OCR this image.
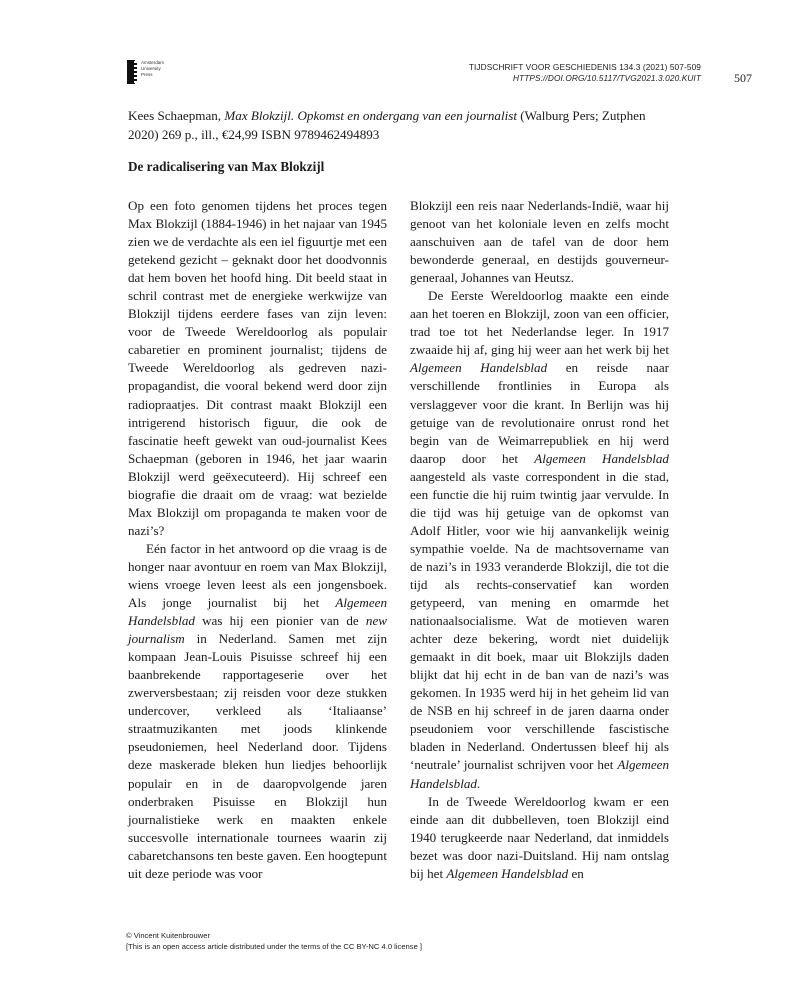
Amsterdam
University
Press
TIJDSCHRIFT VOOR GESCHIEDENIS 134.3 (2021) 507-509
HTTPS://DOI.ORG/10.5117/TVG2021.3.020.KUIT	507
Kees Schaepman, Max Blokzijl. Opkomst en ondergang van een journalist (Walburg Pers; Zutphen 2020) 269 p., ill., €24,99 ISBN 9789462494893
De radicalisering van Max Blokzijl

Op een foto genomen tijdens het proces tegen Max Blokzijl (1884-1946) in het najaar van 1945 zien we de verdachte als een iel figuurtje met een getekend gezicht – geknakt door het doodvonnis dat hem boven het hoofd hing. Dit beeld staat in schril contrast met de energieke werkwijze van Blokzijl tijdens eerdere fases van zijn leven: voor de Tweede Wereldoorlog als populair cabaretier en prominent journalist; tijdens de Tweede Wereldoorlog als gedreven nazi-propagandist, die vooral bekend werd door zijn radiopraatjes. Dit contrast maakt Blokzijl een intrigerend historisch figuur, die ook de fascinatie heeft gewekt van oud-journalist Kees Schaepman (geboren in 1946, het jaar waarin Blokzijl werd geëxecuteerd). Hij schreef een biografie die draait om de vraag: wat bezielde Max Blokzijl om propaganda te maken voor de nazi’s?

Eén factor in het antwoord op die vraag is de honger naar avontuur en roem van Max Blokzijl, wiens vroege leven leest als een jongensboek. Als jonge journalist bij het Algemeen Handelsblad was hij een pionier van de new journalism in Nederland. Samen met zijn kompaan Jean-Louis Pisuisse schreef hij een baanbrekende rapportageserie over het zwerversbestaan; zij reisden voor deze stukken undercover, verkleed als ‘Italiaanse’ straatmuzikanten met joods klinkende pseudoniemen, heel Nederland door. Tijdens deze maskerade bleken hun liedjes behoorlijk populair en in de daaropvolgende jaren onderbraken Pisuisse en Blokzijl hun journalistieke werk en maakten enkele succesvolle internationale tournees waarin zij cabaretchansons ten beste gaven. Een hoogtepunt uit deze periode was voor

Blokzijl een reis naar Nederlands-Indië, waar hij genoot van het koloniale leven en zelfs mocht aanschuiven aan de tafel van de door hem bewonderde generaal, en destijds gouverneur-generaal, Johannes van Heutsz.

De Eerste Wereldoorlog maakte een einde aan het toeren en Blokzijl, zoon van een officier, trad toe tot het Nederlandse leger. In 1917 zwaaide hij af, ging hij weer aan het werk bij het Algemeen Handelsblad en reisde naar verschillende frontlinies in Europa als verslaggever voor die krant. In Berlijn was hij getuige van de revolutionaire onrust rond het begin van de Weimarrepubliek en hij werd daarop door het Algemeen Handelsblad aangesteld als vaste correspondent in die stad, een functie die hij ruim twintig jaar vervulde. In die tijd was hij getuige van de opkomst van Adolf Hitler, voor wie hij aanvankelijk weinig sympathie voelde. Na de machtsovername van de nazi’s in 1933 veranderde Blokzijl, die tot die tijd als rechts-conservatief kan worden getypeerd, van mening en omarmde het nationaalsocialisme. Wat de motieven waren achter deze bekering, wordt niet duidelijk gemaakt in dit boek, maar uit Blokzijls daden blijkt dat hij echt in de ban van de nazi’s was gekomen. In 1935 werd hij in het geheim lid van de NSB en hij schreef in de jaren daarna onder pseudoniem voor verschillende fascistische bladen in Nederland. Ondertussen bleef hij als ‘neutrale’ journalist schrijven voor het Algemeen Handelsblad.

In de Tweede Wereldoorlog kwam er een einde aan dit dubbelleven, toen Blokzijl eind 1940 terugkeerde naar Nederland, dat inmiddels bezet was door nazi-Duitsland. Hij nam ontslag bij het Algemeen Handelsblad en

© Vincent Kuitenbrouwer
[This is an open access article distributed under the terms of the CC BY-NC 4.0 license ]
